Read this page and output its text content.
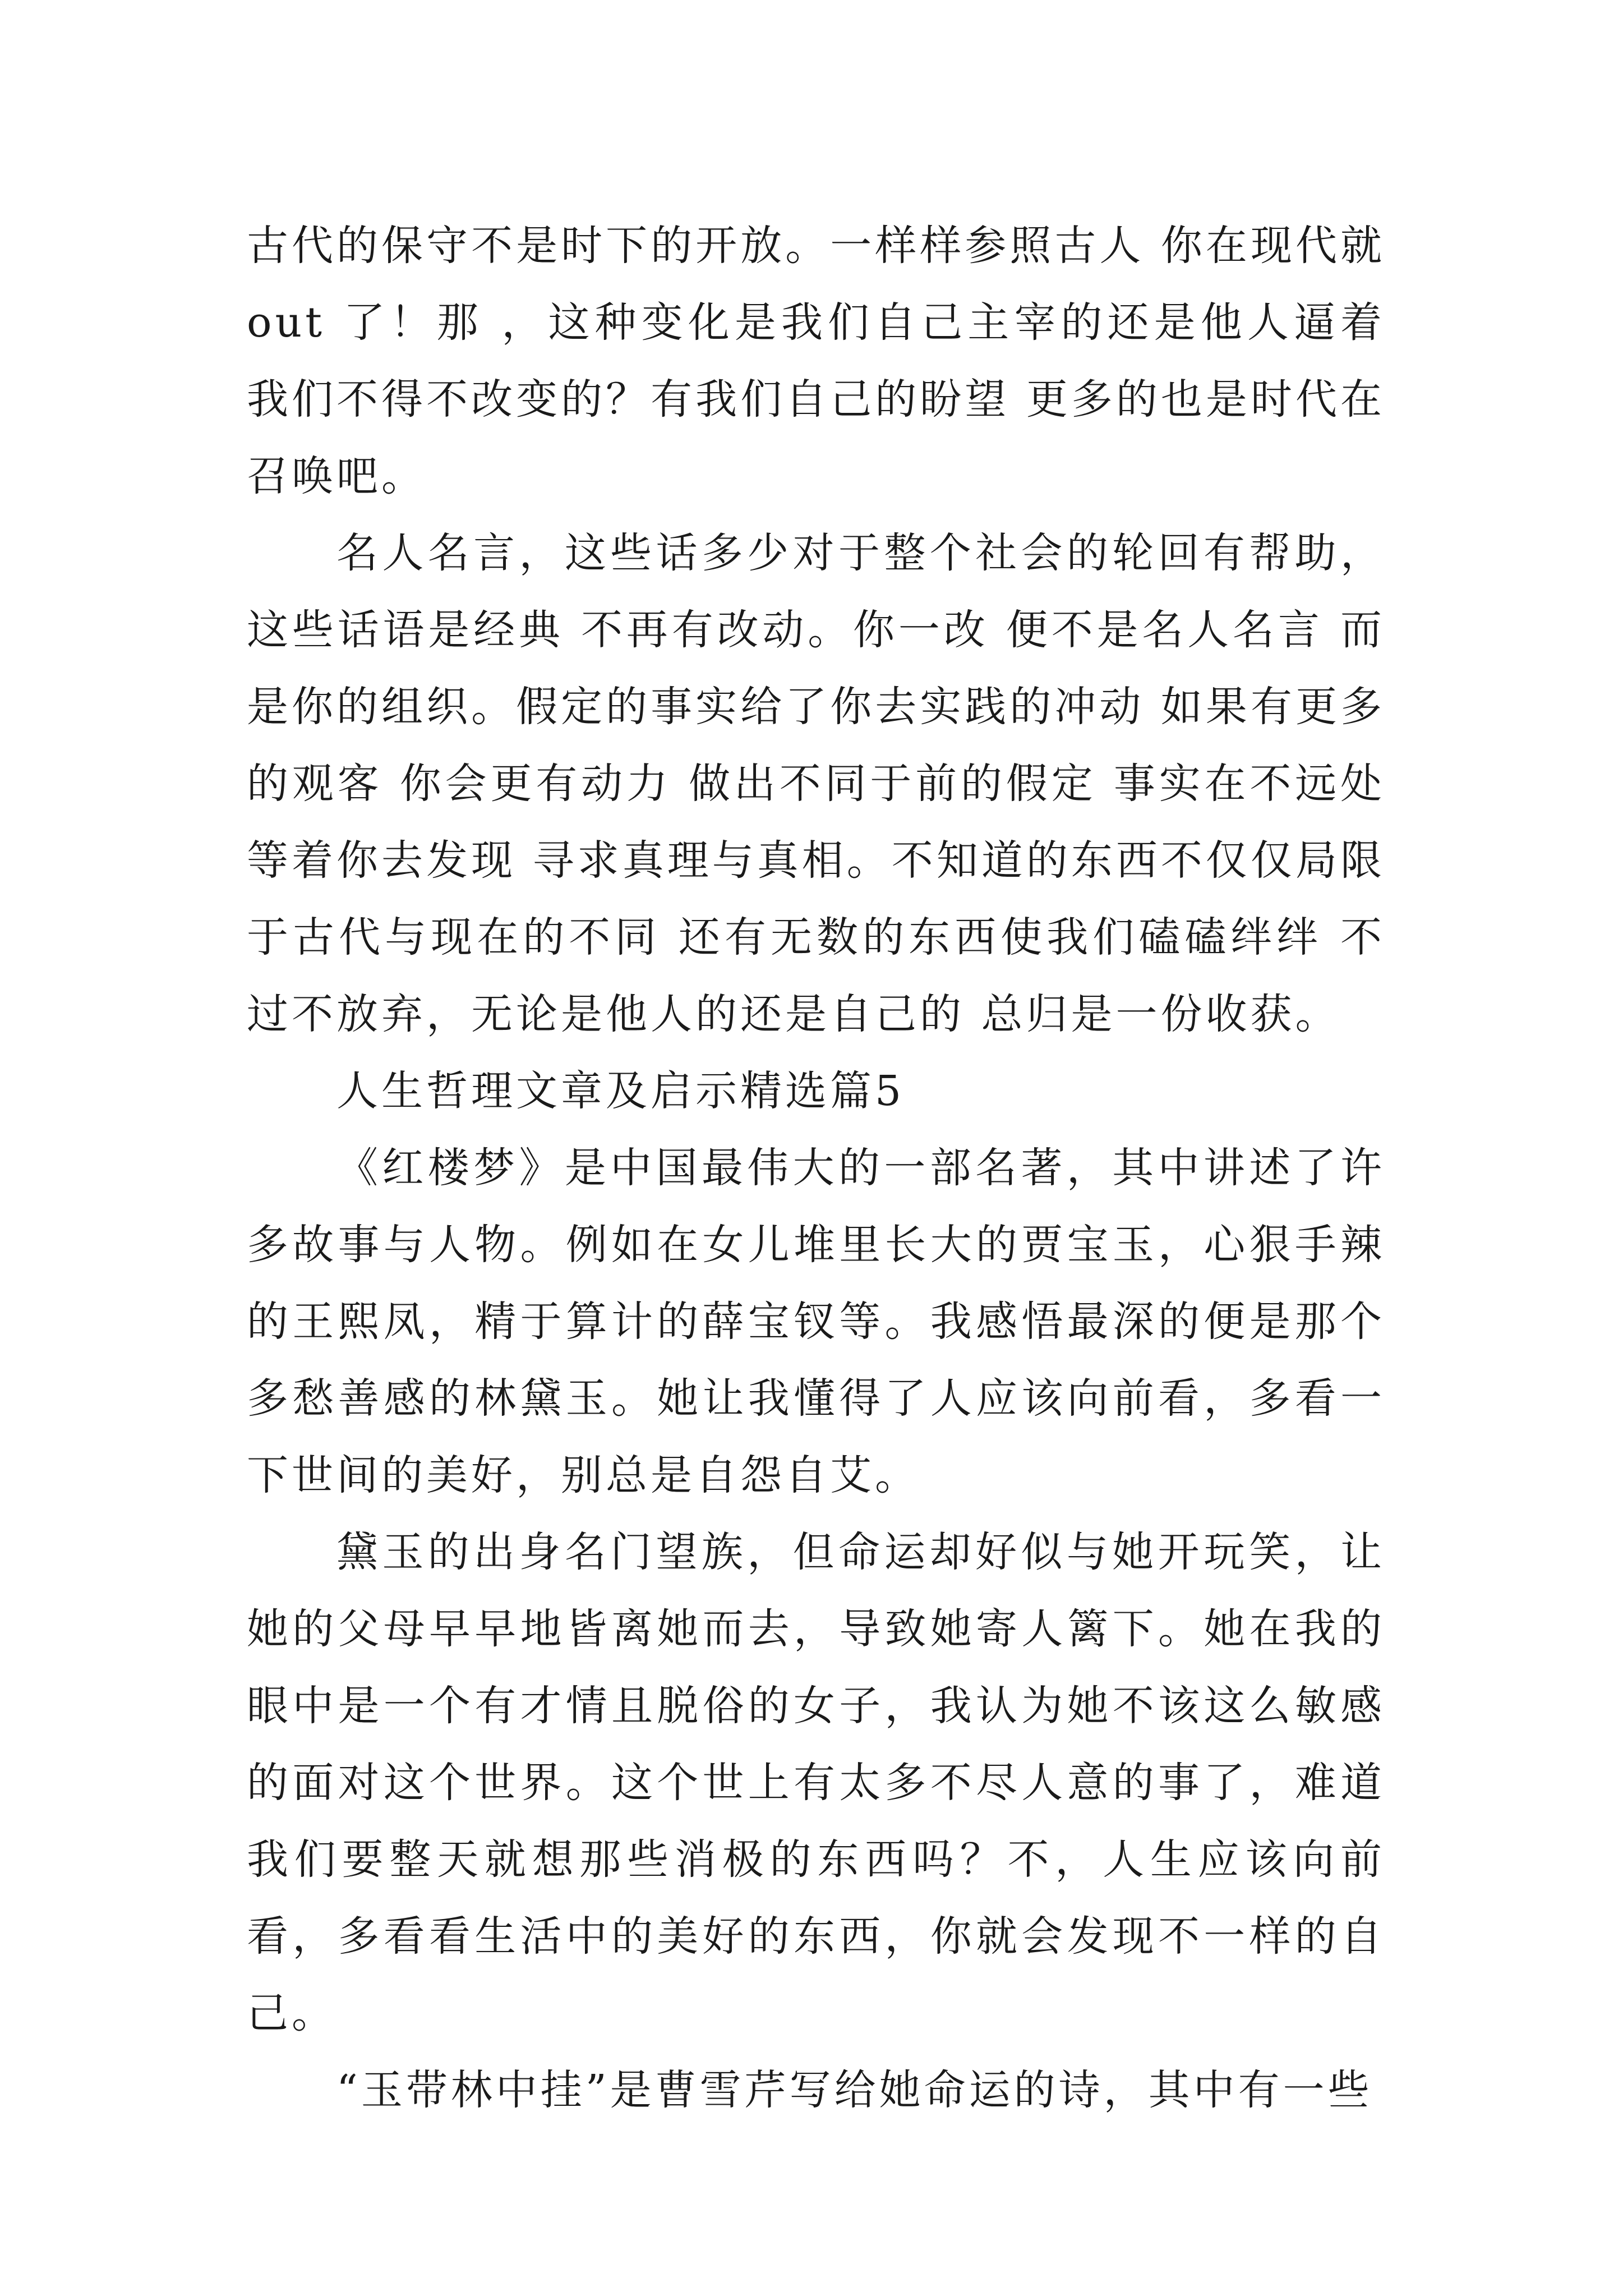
古代的保守不是时下的开放。一样样参照古人 你在现代就out 了！那 ，这种变化是我们自己主宰的还是他人逼着我们不得不改变的？有我们自己的盼望 更多的也是时代在召唤吧。

名人名言，这些话多少对于整个社会的轮回有帮助，这些话语是经典 不再有改动。你一改 便不是名人名言 而是你的组织。假定的事实给了你去实践的冲动 如果有更多的观客 你会更有动力 做出不同于前的假定 事实在不远处等着你去发现 寻求真理与真相。不知道的东西不仅仅局限于古代与现在的不同 还有无数的东西使我们磕磕绊绊 不过不放弃，无论是他人的还是自己的 总归是一份收获。

人生哲理文章及启示精选篇5

《红楼梦》是中国最伟大的一部名著，其中讲述了许多故事与人物。例如在女儿堆里长大的贾宝玉，心狠手辣的王熙凤，精于算计的薛宝钗等。我感悟最深的便是那个多愁善感的林黛玉。她让我懂得了人应该向前看，多看一下世间的美好，别总是自怨自艾。

黛玉的出身名门望族，但命运却好似与她开玩笑，让她的父母早早地皆离她而去，导致她寄人篱下。她在我的眼中是一个有才情且脱俗的女子，我认为她不该这么敏感的面对这个世界。这个世上有太多不尽人意的事了，难道我们要整天就想那些消极的东西吗？不，人生应该向前看，多看看生活中的美好的东西，你就会发现不一样的自己。

“玉带林中挂”是曹雪芹写给她命运的诗，其中有一些
